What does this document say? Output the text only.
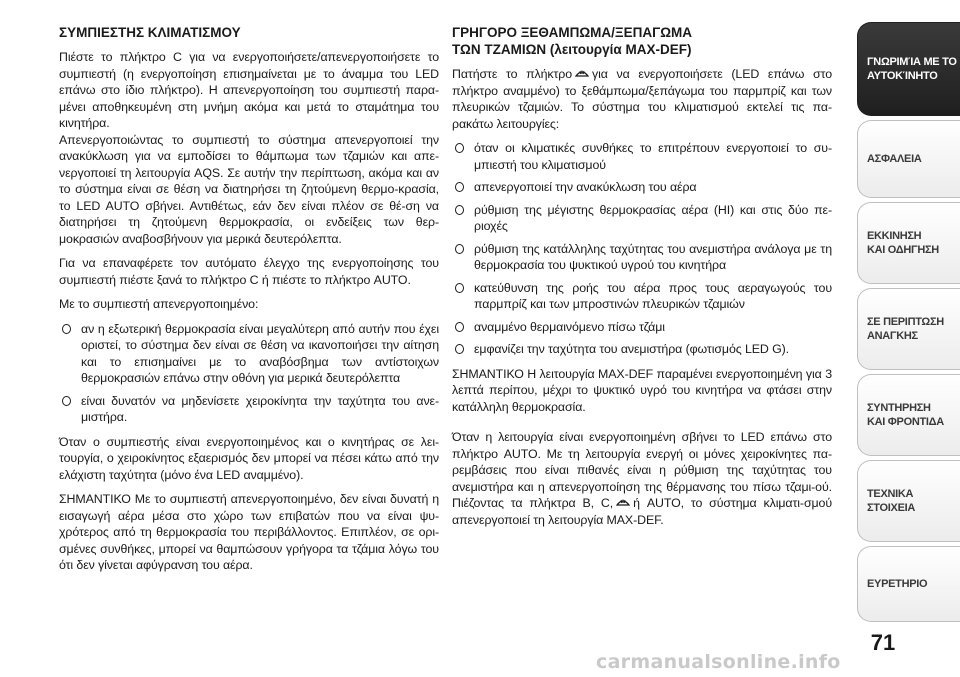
ΣΥΜΠΙΕΣΤΗΣ ΚΛΙΜΑΤΙΣΜΟΥ
Πιέστε το πλήκτρο C για να ενεργοποιήσετε/απενεργοποιήσετε το συμπιεστή (η ενεργοποίηση επισημαίνεται με το άναμμα του LED επάνω στο ίδιο πλήκτρο). Η απενεργοποίηση του συμπιεστή παρα-μένει αποθηκευμένη στη μνήμη ακόμα και μετά το σταμάτημα του κινητήρα.
Απενεργοποιώντας το συμπιεστή το σύστημα απενεργοποιεί την ανακύκλωση για να εμποδίσει το θάμπωμα των τζαμιών και απε-νεργοποιεί τη λειτουργία AQS. Σε αυτήν την περίπτωση, ακόμα και αν το σύστημα είναι σε θέση να διατηρήσει τη ζητούμενη θερμο-κρασία, το LED AUTO σβήνει. Αντιθέτως, εάν δεν είναι πλέον σε θέ-ση να διατηρήσει τη ζητούμενη θερμοκρασία, οι ενδείξεις των θερ-μοκρασιών αναβοσβήνουν για μερικά δευτερόλεπτα.
Για να επαναφέρετε τον αυτόματο έλεγχο της ενεργοποίησης του συμπιεστή πιέστε ξανά το πλήκτρο C ή πιέστε το πλήκτρο AUTO.
Με το συμπιεστή απενεργοποιημένο:
αν η εξωτερική θερμοκρασία είναι μεγαλύτερη από αυτήν που έχει οριστεί, το σύστημα δεν είναι σε θέση να ικανοποιήσει την αίτηση και το επισημαίνει με το αναβόσβημα των αντίστοιχων θερμοκρασιών επάνω στην οθόνη για μερικά δευτερόλεπτα
είναι δυνατόν να μηδενίσετε χειροκίνητα την ταχύτητα του ανε-μιστήρα.
Όταν ο συμπιεστής είναι ενεργοποιημένος και ο κινητήρας σε λει-τουργία, ο χειροκίνητος εξαερισμός δεν μπορεί να πέσει κάτω από την ελάχιστη ταχύτητα (μόνο ένα LED αναμμένο).
ΣΗΜΑΝΤΙΚΟ Με το συμπιεστή απενεργοποιημένο, δεν είναι δυνατή η εισαγωγή αέρα μέσα στο χώρο των επιβατών που να είναι ψυ-χρότερος από τη θερμοκρασία του περιβάλλοντος. Επιπλέον, σε ορι-σμένες συνθήκες, μπορεί να θαμπώσουν γρήγορα τα τζάμια λόγω του ότι δεν γίνεται αφύγρανση του αέρα.
ΓΡΗΓΟΡΟ ΞΕΘΑΜΠΩΜΑ/ΞΕΠΑΓΩΜΑ
ΤΩΝ ΤΖΑΜΙΩΝ (λειτουργία MAX-DEF)
Πατήστε το πλήκτρο για να ενεργοποιήσετε (LED επάνω στο πλήκτρο αναμμένο) το ξεθάμπωμα/ξεπάγωμα του παρμπρίζ και των πλευρικών τζαμιών. Το σύστημα του κλιματισμού εκτελεί τις πα-ρακάτω λειτουργίες:
όταν οι κλιματικές συνθήκες το επιτρέπουν ενεργοποιεί το συ-μπιεστή του κλιματισμού
απενεργοποιεί την ανακύκλωση του αέρα
ρύθμιση της μέγιστης θερμοκρασίας αέρα (HI) και στις δύο πε-ριοχές
ρύθμιση της κατάλληλης ταχύτητας του ανεμιστήρα ανάλογα με τη θερμοκρασία του ψυκτικού υγρού του κινητήρα
κατεύθυνση της ροής του αέρα προς τους αεραγωγούς του παρμπρίζ και των μπροστινών πλευρικών τζαμιών
αναμμένο θερμαινόμενο πίσω τζάμι
εμφανίζει την ταχύτητα του ανεμιστήρα (φωτισμός LED G).
ΣΗΜΑΝΤΙΚΟ Η λειτουργία MAX-DEF παραμένει ενεργοποιημένη για 3 λεπτά περίπου, μέχρι το ψυκτικό υγρό του κινητήρα να φτάσει στην κατάλληλη θερμοκρασία.
Όταν η λειτουργία είναι ενεργοποιημένη σβήνει το LED επάνω στο πλήκτρο AUTO. Με τη λειτουργία ενεργή οι μόνες χειροκίνητες πα-ρεμβάσεις που είναι πιθανές είναι η ρύθμιση της ταχύτητας του ανεμιστήρα και η απενεργοποίηση της θέρμανσης του πίσω τζαμι-ού. Πιέζοντας τα πλήκτρα B, C, ή AUTO, το σύστημα κλιματι-σμού απενεργοποιεί τη λειτουργία MAX-DEF.
ΓΝΩΡΙΜΊΑ ΜΕ ΤΟ
ΑΥΤΟΚΊΝΗΤΟ
ΑΣΦΑΛΕΙΑ
ΕΚΚΙΝΗΣΗ
ΚΑΙ ΟΔΗΓΗΣΗ
ΣΕ ΠΕΡΙΠΤΩΣΗ
ΑΝΑΓΚΗΣ
ΣΥΝΤΗΡΗΣΗ
ΚΑΙ ΦΡΟΝΤΙΔΑ
ΤΕΧΝΙΚΑ
ΣΤΟΙΧΕΙΑ
ΕΥΡΕΤΗΡΙΟ
71
carmanualsonline.info
